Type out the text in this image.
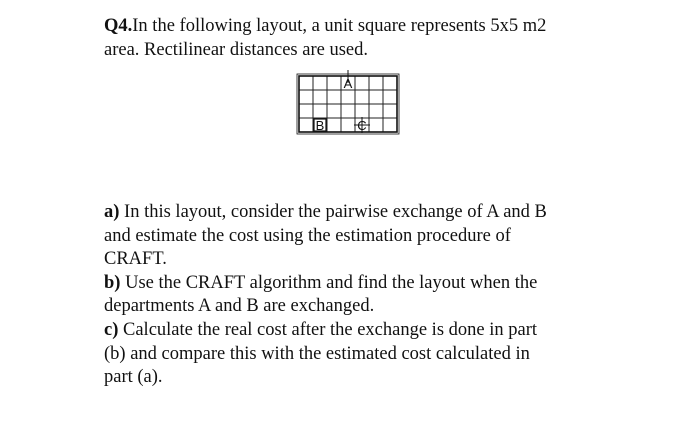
Q4.In the following layout, a unit square represents 5x5 m2
area. Rectilinear distances are used.
A
B	C
a) In this layout, consider the pairwise exchange of A and B
and estimate the cost using the estimation procedure of
CRAFT.
b) Use the CRAFT algorithm and find the layout when the
departments A and B are exchanged.
c) Calculate the real cost after the exchange is done in part
(b) and compare this with the estimated cost calculated in
part (a).
